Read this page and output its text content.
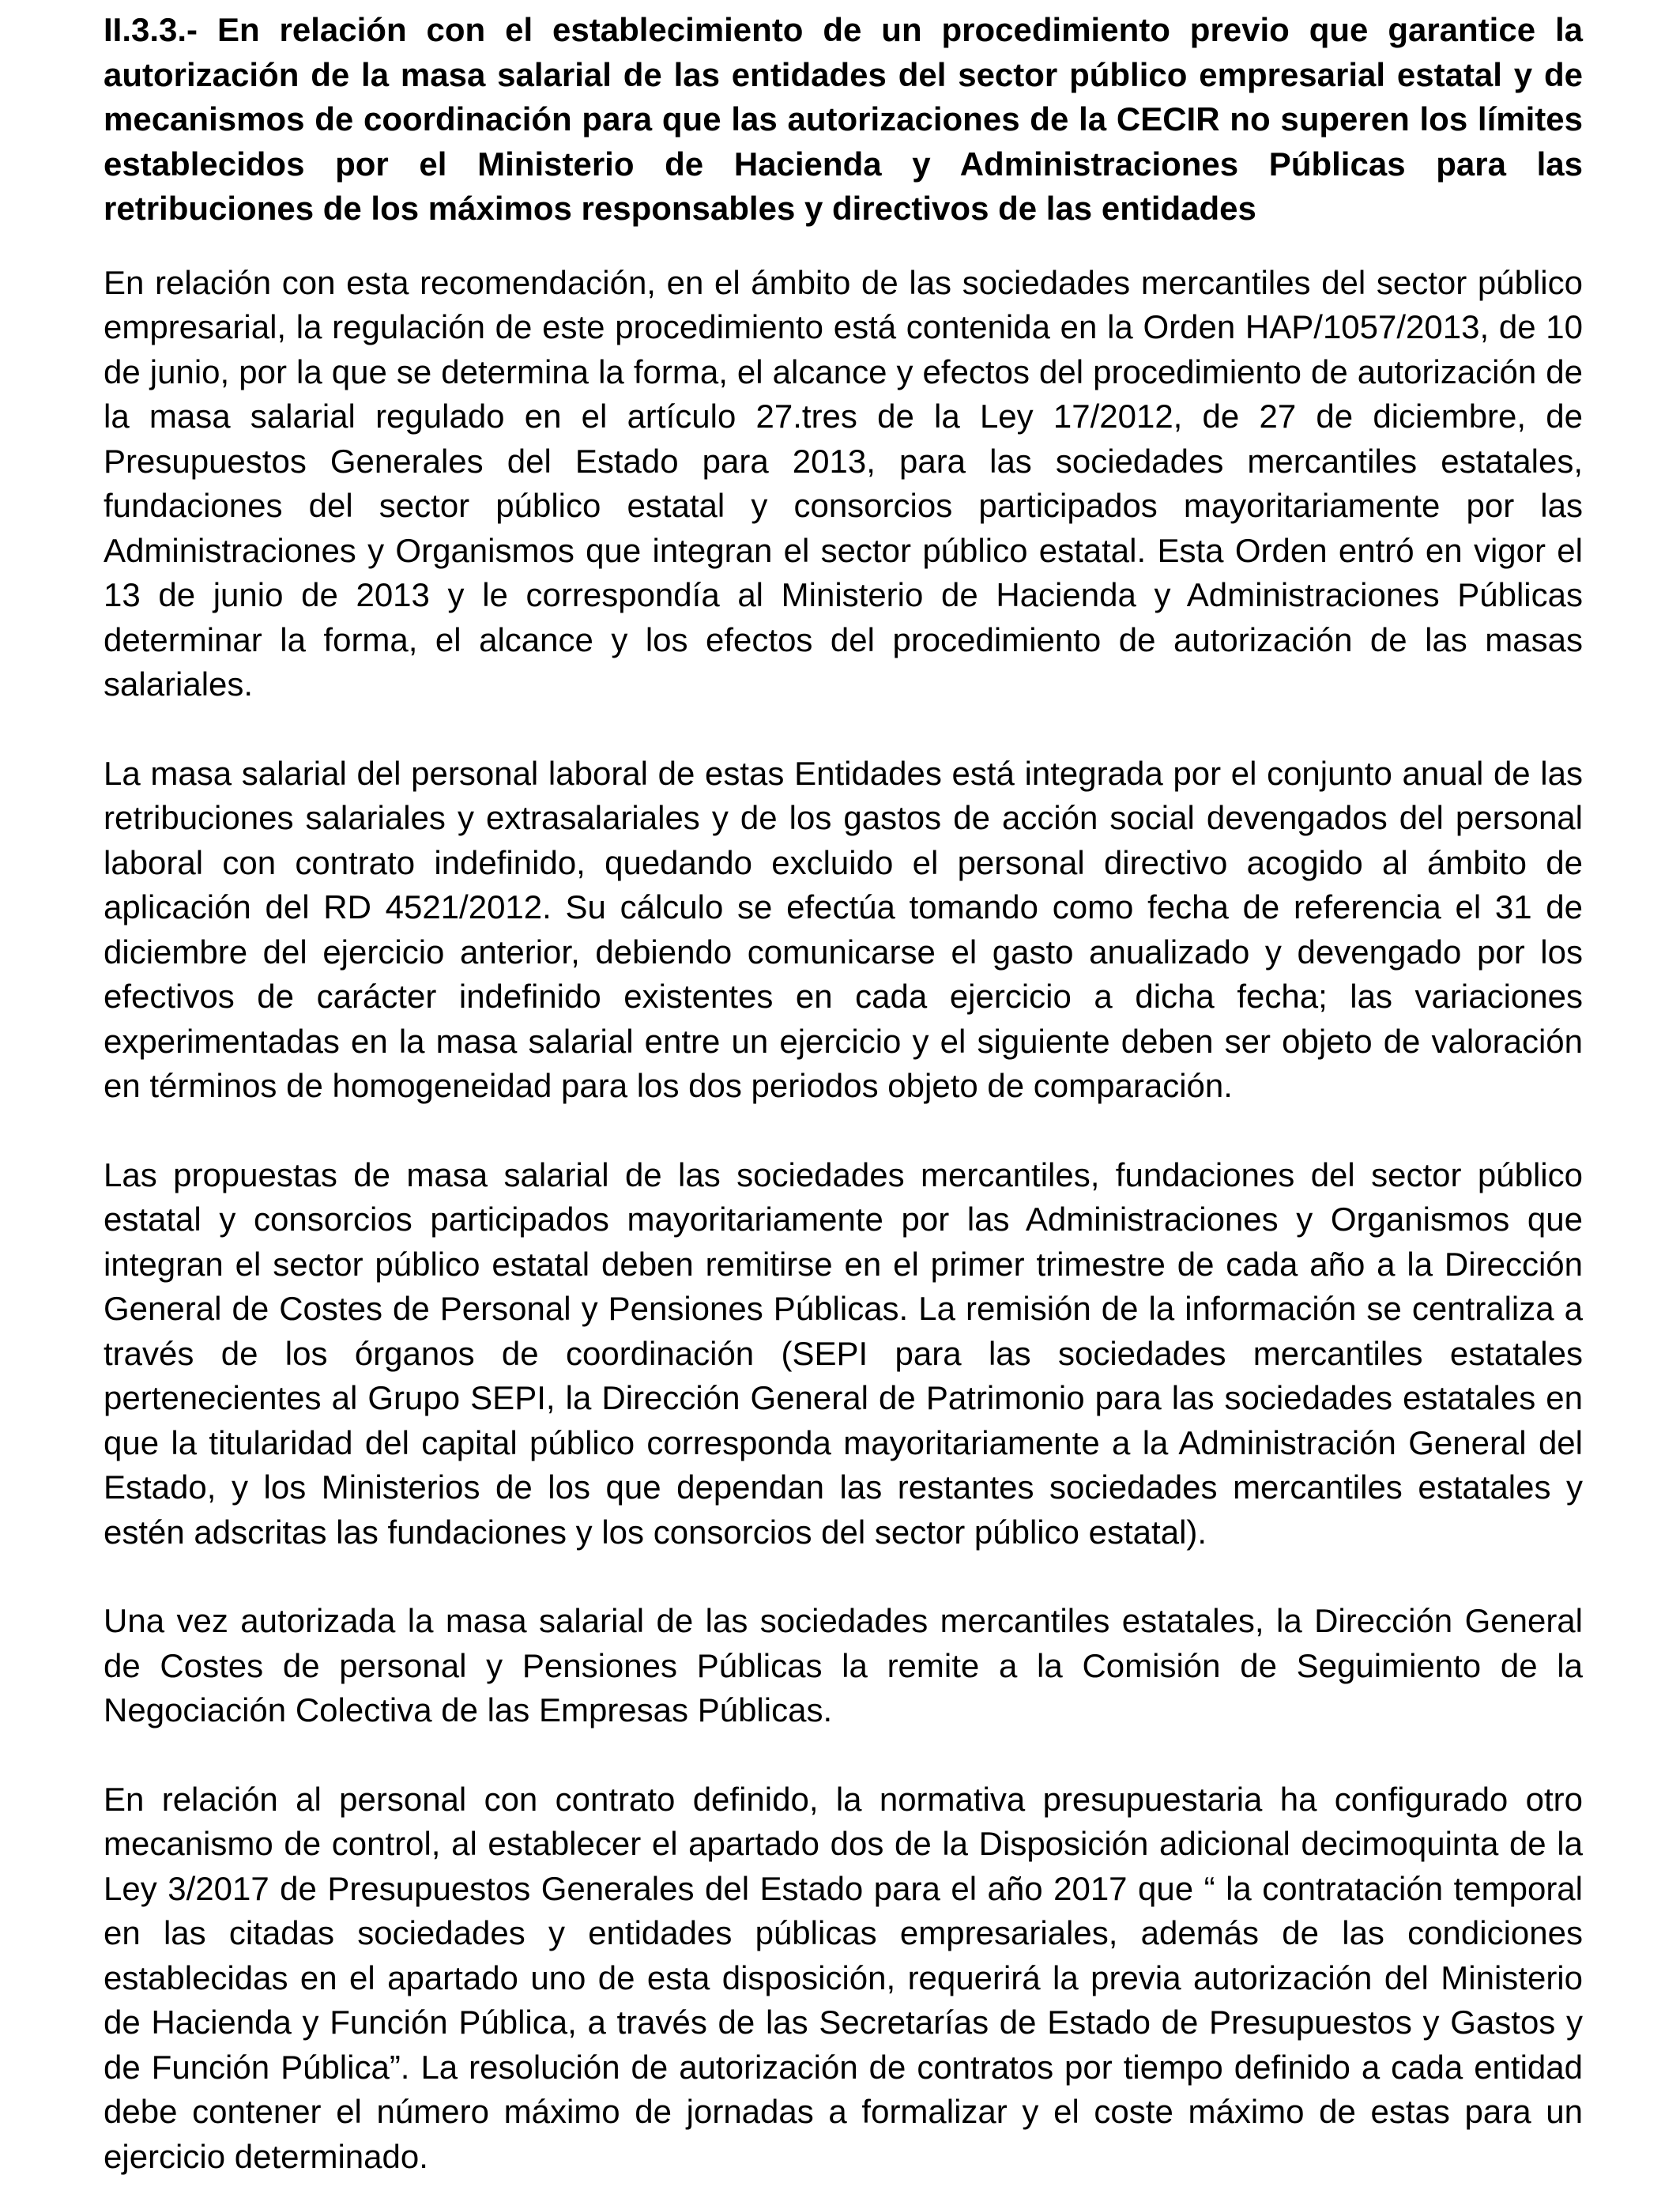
II.3.3.- En relación con el establecimiento de un procedimiento previo que garantice la autorización de la masa salarial de las entidades del sector público empresarial estatal y de mecanismos de coordinación para que las autorizaciones de la CECIR no superen los límites establecidos por el Ministerio de Hacienda y Administraciones Públicas para las retribuciones de los máximos responsables y directivos de las entidades

En relación con esta recomendación, en el ámbito de las sociedades mercantiles del sector público empresarial, la regulación de este procedimiento está contenida en la Orden HAP/1057/2013, de 10 de junio, por la que se determina la forma, el alcance y efectos del procedimiento de autorización de la masa salarial regulado en el artículo 27.tres de la Ley 17/2012, de 27 de diciembre, de Presupuestos Generales del Estado para 2013, para las sociedades mercantiles estatales, fundaciones del sector público estatal y consorcios participados mayoritariamente por las Administraciones y Organismos que integran el sector público estatal. Esta Orden entró en vigor el 13 de junio de 2013 y le correspondía al Ministerio de Hacienda y Administraciones Públicas determinar la forma, el alcance y los efectos del procedimiento de autorización de las masas salariales.

La masa salarial del personal laboral de estas Entidades está integrada por el conjunto anual de las retribuciones salariales y extrasalariales y de los gastos de acción social devengados del personal laboral con contrato indefinido, quedando excluido el personal directivo acogido al ámbito de aplicación del RD 4521/2012. Su cálculo se efectúa tomando como fecha de referencia el 31 de diciembre del ejercicio anterior, debiendo comunicarse el gasto anualizado y devengado por los efectivos de carácter indefinido existentes en cada ejercicio a dicha fecha; las variaciones experimentadas en la masa salarial entre un ejercicio y el siguiente deben ser objeto de valoración en términos de homogeneidad para los dos periodos objeto de comparación.

Las propuestas de masa salarial de las sociedades mercantiles, fundaciones del sector público estatal y consorcios participados mayoritariamente por las Administraciones y Organismos que integran el sector público estatal deben remitirse en el primer trimestre de cada año a la Dirección General de Costes de Personal y Pensiones Públicas. La remisión de la información se centraliza a través de los órganos de coordinación (SEPI para las sociedades mercantiles estatales pertenecientes al Grupo SEPI, la Dirección General de Patrimonio para las sociedades estatales en que la titularidad del capital público corresponda mayoritariamente a la Administración General del Estado, y los Ministerios de los que dependan las restantes sociedades mercantiles estatales y estén adscritas las fundaciones y los consorcios del sector público estatal).

Una vez autorizada la masa salarial de las sociedades mercantiles estatales, la Dirección General de Costes de personal y Pensiones Públicas la remite a la Comisión de Seguimiento de la Negociación Colectiva de las Empresas Públicas.

En relación al personal con contrato definido, la normativa presupuestaria ha configurado otro mecanismo de control, al establecer el apartado dos de la Disposición adicional decimoquinta de la Ley 3/2017 de Presupuestos Generales del Estado para el año 2017 que “ la contratación temporal en las citadas sociedades y entidades públicas empresariales, además de las condiciones establecidas en el apartado uno de esta disposición, requerirá la previa autorización del Ministerio de Hacienda y Función Pública, a través de las Secretarías de Estado de Presupuestos y Gastos y de Función Pública”. La resolución de autorización de contratos por tiempo definido a cada entidad debe contener el número máximo de jornadas a formalizar y el coste máximo de estas para un ejercicio determinado.
